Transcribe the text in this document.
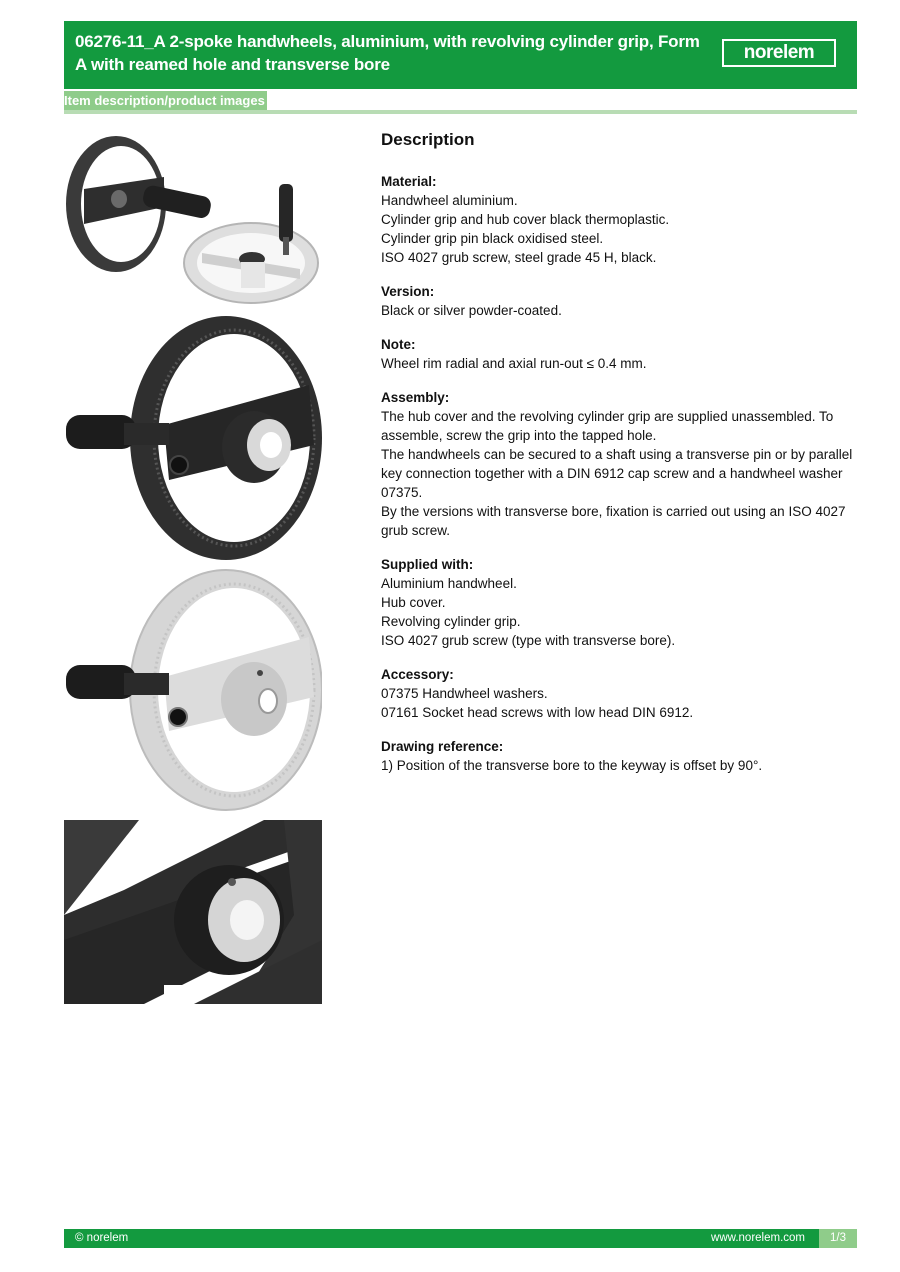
06276-11_A 2-spoke handwheels, aluminium, with revolving cylinder grip, Form A with reamed hole and transverse bore
norelem
Item description/product images
Description
Material:

Handwheel aluminium.

Cylinder grip and hub cover black thermoplastic.

Cylinder grip pin black oxidised steel.

ISO 4027 grub screw, steel grade 45 H, black.

Version:

Black or silver powder-coated.

Note:

Wheel rim radial and axial run-out ≤ 0.4 mm.

Assembly:

The hub cover and the revolving cylinder grip are supplied unassembled. To assemble, screw the grip into the tapped hole.

The handwheels can be secured to a shaft using a transverse pin or by parallel key connection together with a DIN 6912 cap screw and a handwheel washer 07375.

By the versions with transverse bore, fixation is carried out using an ISO 4027 grub screw.

Supplied with:

Aluminium handwheel.

Hub cover.

Revolving cylinder grip.

ISO 4027 grub screw (type with transverse bore).

Accessory:

07375 Handwheel washers.

07161 Socket head screws with low head DIN 6912.

Drawing reference:

1) Position of the transverse bore to the keyway is offset by 90°.

© norelem	www.norelem.com	1/3
